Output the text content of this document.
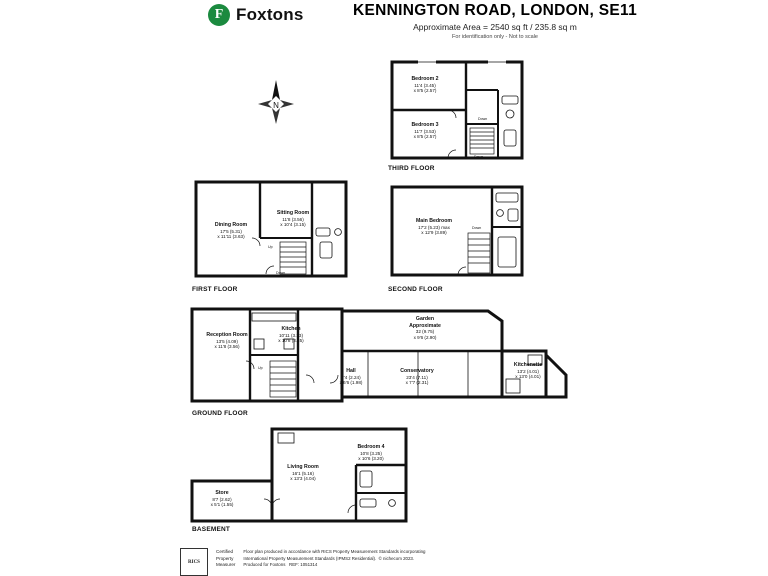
F Foxtons	KENNINGTON ROAD, LONDON, SE11
Approximate Area = 2540 sq ft / 235.8 sq m
For identification only - Not to scale
N
Down
Down
THIRD FLOOR
Bedroom 2
11'4 (3.45)
x 8'5 (2.57)
Bedroom 3
11'7 (3.53)
x 8'5 (2.57)
Down
SECOND FLOOR
Main Bedroom
17'2 (5.23) max
x 12'9 (3.89)
Up
Down
FIRST FLOOR
Dining Room
17'5 (5.31)
x 11'11 (3.63)
Sitting Room
11'8 (3.56)
x 10'4 (3.15)
Up
GROUND FLOOR
Reception Room
13'5 (4.09)
x 11'8 (3.56)
Kitchen
10'11 (3.33)
x 10'8 (3.25)
Hall
7'4 (2.24)
x 6'6 (1.98)
Conservatory
23'4 (7.11)
x 7'7 (2.31)
Garden
Approximate
32 (9.75)
x 9'6 (2.90)
Kitchenette
13'2 (4.01)
x 13'0 (4.01)
BASEMENT
Bedroom 4
10'8 (3.25)
x 10'6 (3.20)
Living Room
16'1 (5.16)
x 13'3 (4.04)
Store
8'7 (2.62)
x 5'1 (1.55)
RICS
Certified
Property
Measurer
Floor plan produced in accordance with RICS Property Measurement Standards incorporating
International Property Measurement Standards (IPMS2 Residential).  © nichecom 2023.
Produced for Foxtons   REF: 1051314
